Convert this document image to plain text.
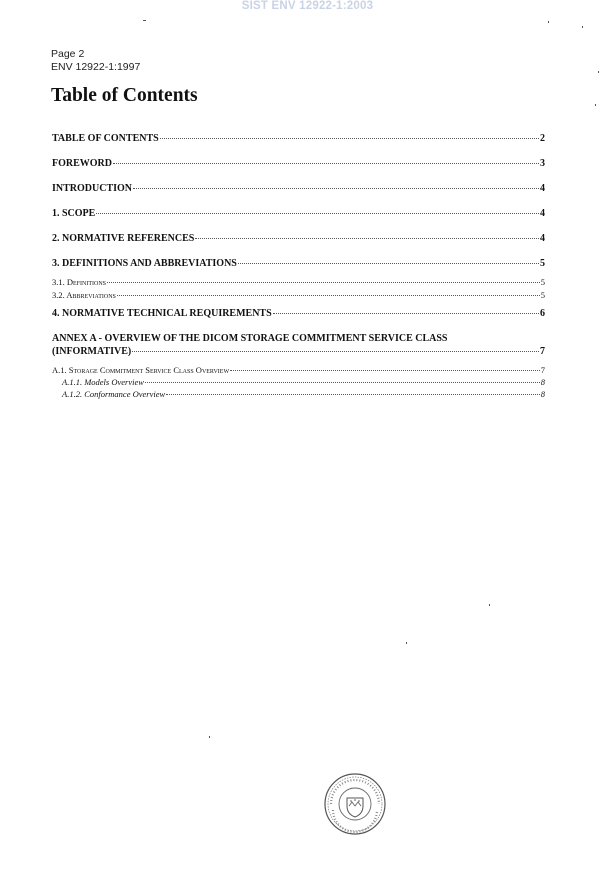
SIST ENV 12922-1:2003
Page 2
ENV 12922-1:1997
Table of Contents
TABLE OF CONTENTS	2
FOREWORD	3
INTRODUCTION	4
1. SCOPE	4
2. NORMATIVE REFERENCES	4
3. DEFINITIONS AND ABBREVIATIONS	5
3.1. Definitions	5
3.2. Abbreviations	5
4. NORMATIVE TECHNICAL REQUIREMENTS	6
ANNEX A - OVERVIEW OF THE DICOM STORAGE COMMITMENT SERVICE CLASS
(INFORMATIVE)	7
A.1. Storage Commitment Service Class Overview	7
A.1.1. Models Overview	8
A.1.2. Conformance Overview	8
